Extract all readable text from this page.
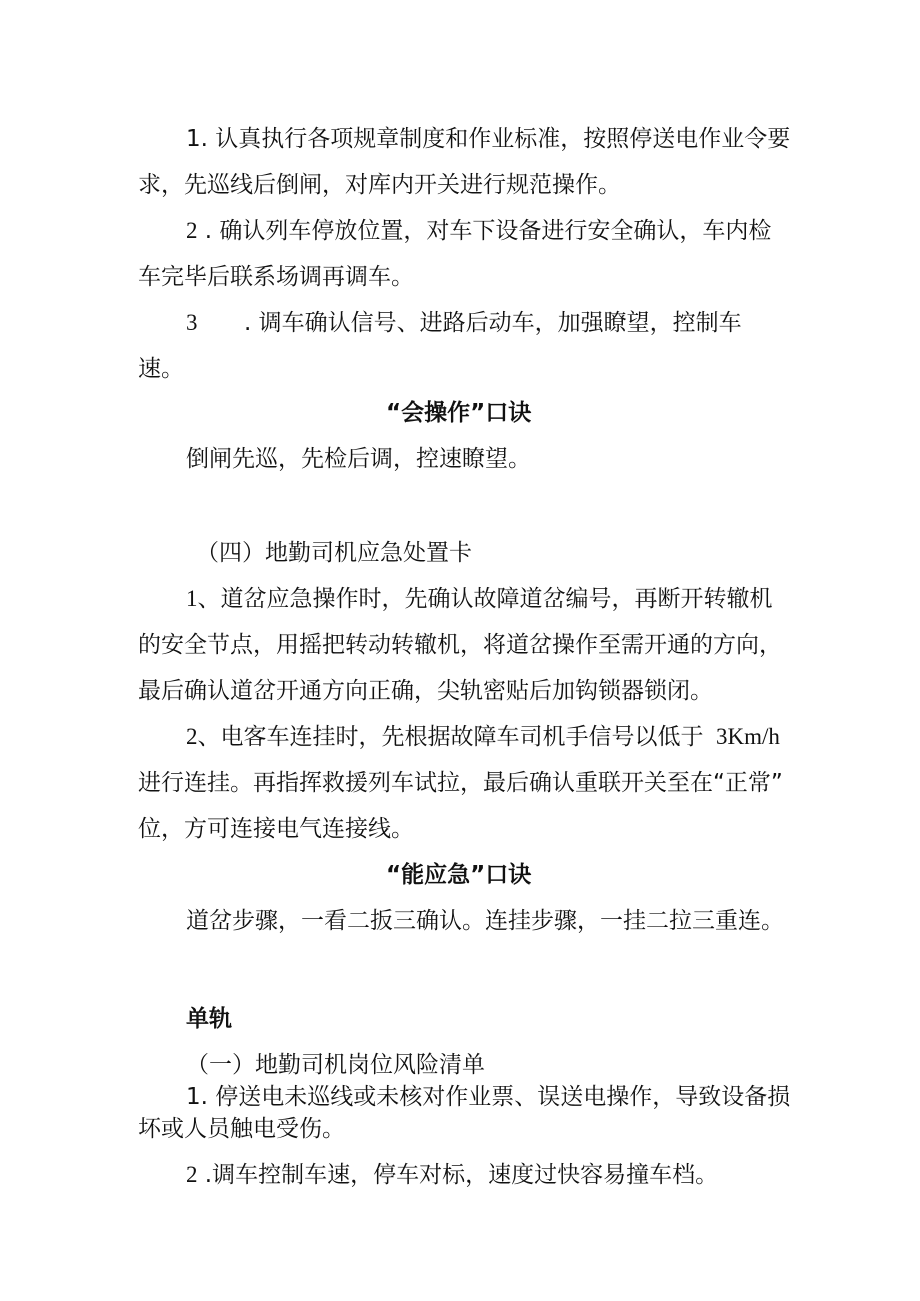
1. 认真执行各项规章制度和作业标准，按照停送电作业令要

求，先巡线后倒闸，对库内开关进行规范操作。

2 . 确认列车停放位置，对车下设备进行安全确认，车内检

车完毕后联系场调再调车。

3 . 调车确认信号、进路后动车，加强瞭望，控制车

速。

“会操作”口诀

倒闸先巡，先检后调，控速瞭望。

（四）地勤司机应急处置卡

1、道岔应急操作时，先确认故障道岔编号，再断开转辙机

的安全节点，用摇把转动转辙机，将道岔操作至需开通的方向，

最后确认道岔开通方向正确，尖轨密贴后加钩锁器锁闭。

2、电客车连挂时，先根据故障车司机手信号以低于 3Km/h

进行连挂。再指挥救援列车试拉，最后确认重联开关至在“正常”

位，方可连接电气连接线。

“能应急”口诀

道岔步骤，一看二扳三确认。连挂步骤，一挂二拉三重连。

单轨

（一）地勤司机岗位风险清单

1. 停送电未巡线或未核对作业票、误送电操作，导致设备损

坏或人员触电受伤。

2 .调车控制车速，停车对标，速度过快容易撞车档。
